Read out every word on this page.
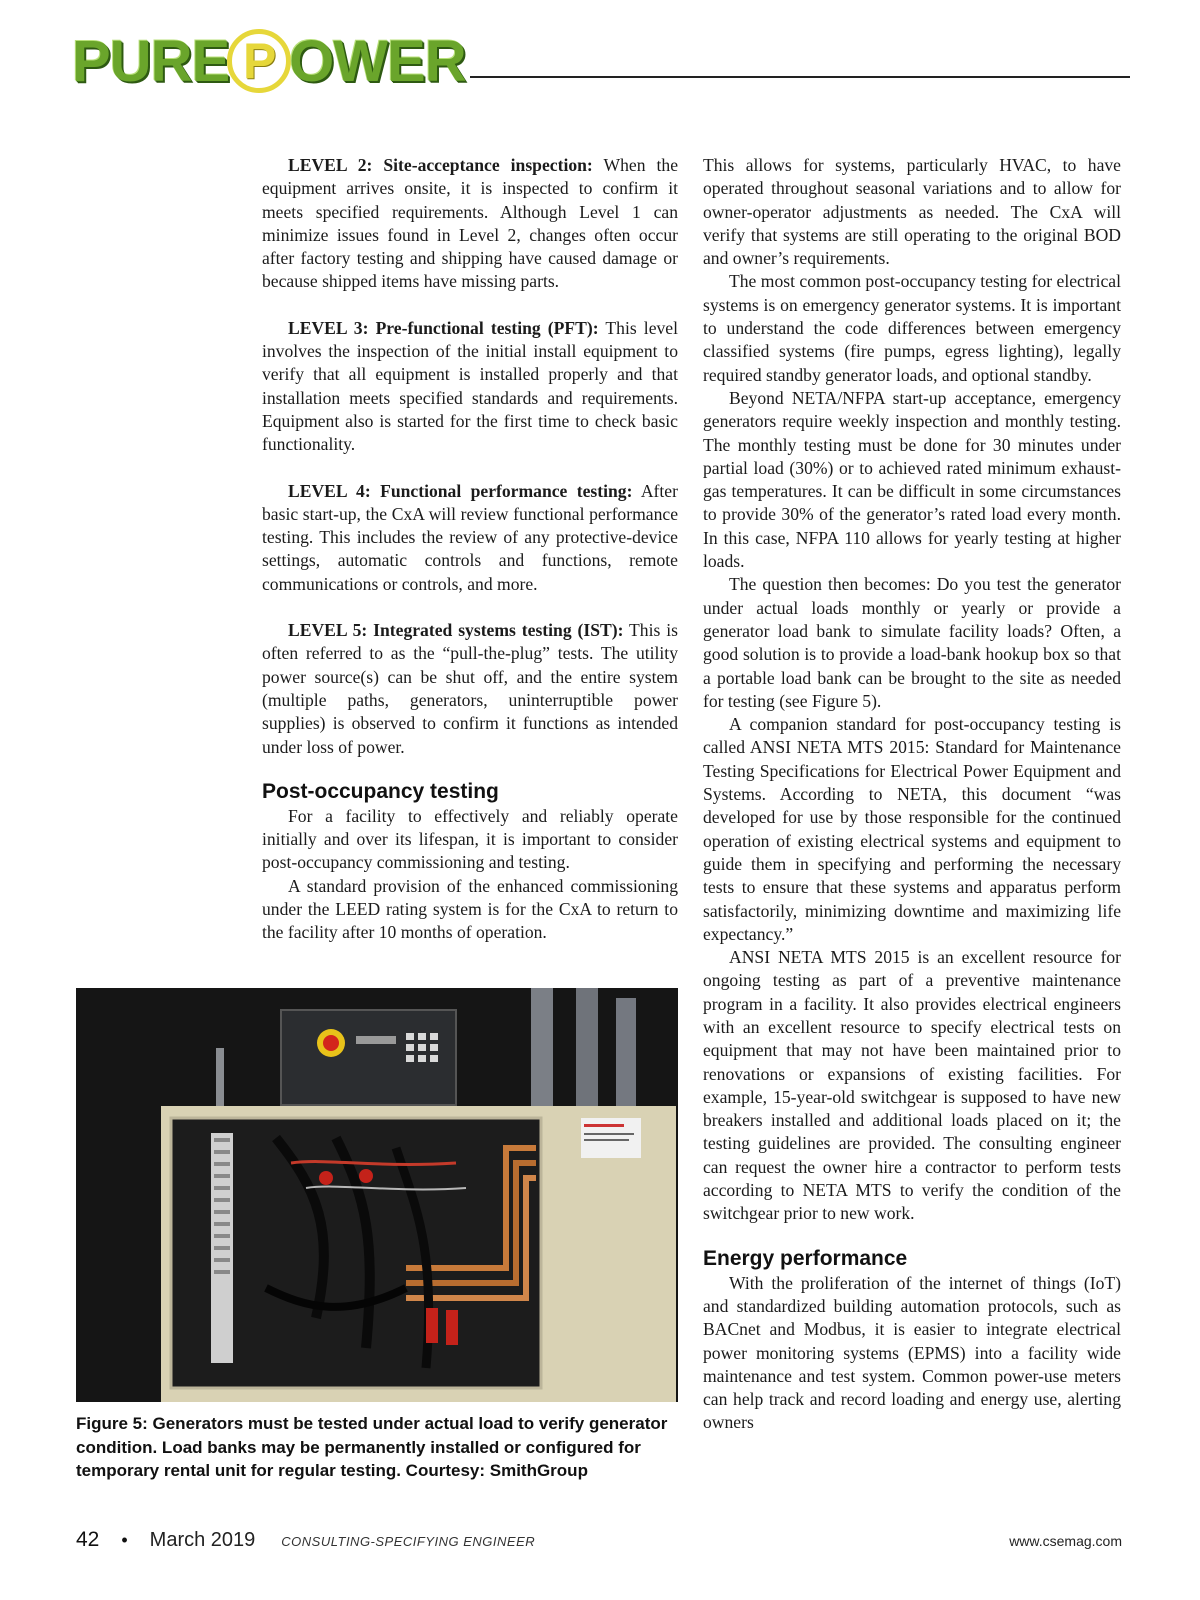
PURE P OWER

LEVEL 2: Site-acceptance inspection: When the equipment arrives onsite, it is inspected to confirm it meets specified requirements. Although Level 1 can minimize issues found in Level 2, changes often occur after factory testing and shipping have caused damage or because shipped items have missing parts.

LEVEL 3: Pre-functional testing (PFT): This level involves the inspection of the initial install equipment to verify that all equipment is installed properly and that installation meets specified standards and requirements. Equipment also is started for the first time to check basic functionality.

LEVEL 4: Functional performance testing: After basic start-up, the CxA will review functional performance testing. This includes the review of any protective-device settings, automatic controls and functions, remote communications or controls, and more.

LEVEL 5: Integrated systems testing (IST): This is often referred to as the “pull-the-plug” tests. The utility power source(s) can be shut off, and the entire system (multiple paths, generators, uninterruptible power supplies) is observed to confirm it functions as intended under loss of power.

Post-occupancy testing

For a facility to effectively and reliably operate initially and over its lifespan, it is important to consider post-occupancy commissioning and testing.

A standard provision of the enhanced commissioning under the LEED rating system is for the CxA to return to the facility after 10 months of operation.

This allows for systems, particularly HVAC, to have operated throughout seasonal variations and to allow for owner-operator adjustments as needed. The CxA will verify that systems are still operating to the original BOD and owner’s requirements.

The most common post-occupancy testing for electrical systems is on emergency generator systems. It is important to understand the code differences between emergency classified systems (fire pumps, egress lighting), legally required standby generator loads, and optional standby.

Beyond NETA/NFPA start-up acceptance, emergency generators require weekly inspection and monthly testing. The monthly testing must be done for 30 minutes under partial load (30%) or to achieved rated minimum exhaust-gas temperatures. It can be difficult in some circumstances to provide 30% of the generator’s rated load every month. In this case, NFPA 110 allows for yearly testing at higher loads.

The question then becomes: Do you test the generator under actual loads monthly or yearly or provide a generator load bank to simulate facility loads? Often, a good solution is to provide a load-bank hookup box so that a portable load bank can be brought to the site as needed for testing (see Figure 5).

A companion standard for post-occupancy testing is called ANSI NETA MTS 2015: Standard for Maintenance Testing Specifications for Electrical Power Equipment and Systems. According to NETA, this document “was developed for use by those responsible for the continued operation of existing electrical systems and equipment to guide them in specifying and performing the necessary tests to ensure that these systems and apparatus perform satisfactorily, minimizing downtime and maximizing life expectancy.”

ANSI NETA MTS 2015 is an excellent resource for ongoing testing as part of a preventive maintenance program in a facility. It also provides electrical engineers with an excellent resource to specify electrical tests on equipment that may not have been maintained prior to renovations or expansions of existing facilities. For example, 15-year-old switchgear is supposed to have new breakers installed and additional loads placed on it; the testing guidelines are provided. The consulting engineer can request the owner hire a contractor to perform tests according to NETA MTS to verify the condition of the switchgear prior to new work.

Energy performance

With the proliferation of the internet of things (IoT) and standardized building automation protocols, such as BACnet and Modbus, it is easier to integrate electrical power monitoring systems (EPMS) into a facility wide maintenance and test system. Common power-use meters can help track and record loading and energy use, alerting owners

Figure 5: Generators must be tested under actual load to verify generator condition. Load banks may be permanently installed or configured for temporary rental unit for regular testing. Courtesy: SmithGroup
42 • March 2019 CONSULTING-SPECIFYING ENGINEER	www.csemag.com
